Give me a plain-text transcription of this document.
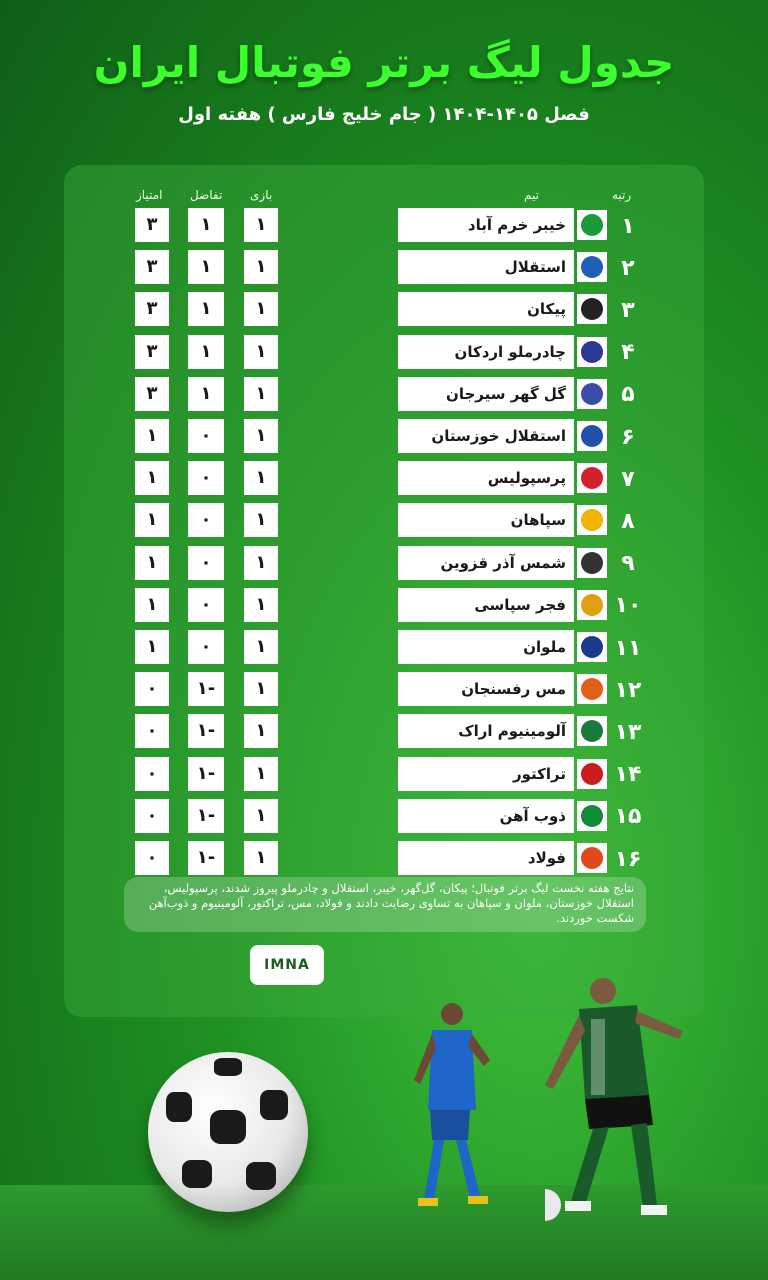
جدول لیگ برتر فوتبال ایران
فصل ۱۴۰۵-۱۴۰۴ ( جام خلیج فارس ) هفته اول
رتبه
تیم
بازی
تفاضل
امتیاز
۱
خیبر خرم آباد
۱
۱
۳
۲
استقلال
۱
۱
۳
۳
پیکان
۱
۱
۳
۴
چادرملو اردکان
۱
۱
۳
۵
گل گهر سیرجان
۱
۱
۳
۶
استقلال خوزستان
۱
۰
۱
۷
پرسپولیس
۱
۰
۱
۸
سپاهان
۱
۰
۱
۹
شمس آذر قزوین
۱
۰
۱
۱۰
فجر سپاسی
۱
۰
۱
۱۱
ملوان
۱
۰
۱
۱۲
مس رفسنجان
۱
-۱
۰
۱۳
آلومینیوم اراک
۱
-۱
۰
۱۴
تراکتور
۱
-۱
۰
۱۵
ذوب آهن
۱
-۱
۰
۱۶
فولاد
۱
-۱
۰
نتایج هفته نخست لیگ برتر فوتبال؛ پیکان، گل‌گهر، خیبر، استقلال و چادرملو پیروز شدند، پرسپولیس، استقلال خوزستان، ملوان و سپاهان به تساوی رضایت دادند و فولاد، مس، تراکتور، آلومینیوم و ذوب‌آهن شکست خوردند.
IMNA
